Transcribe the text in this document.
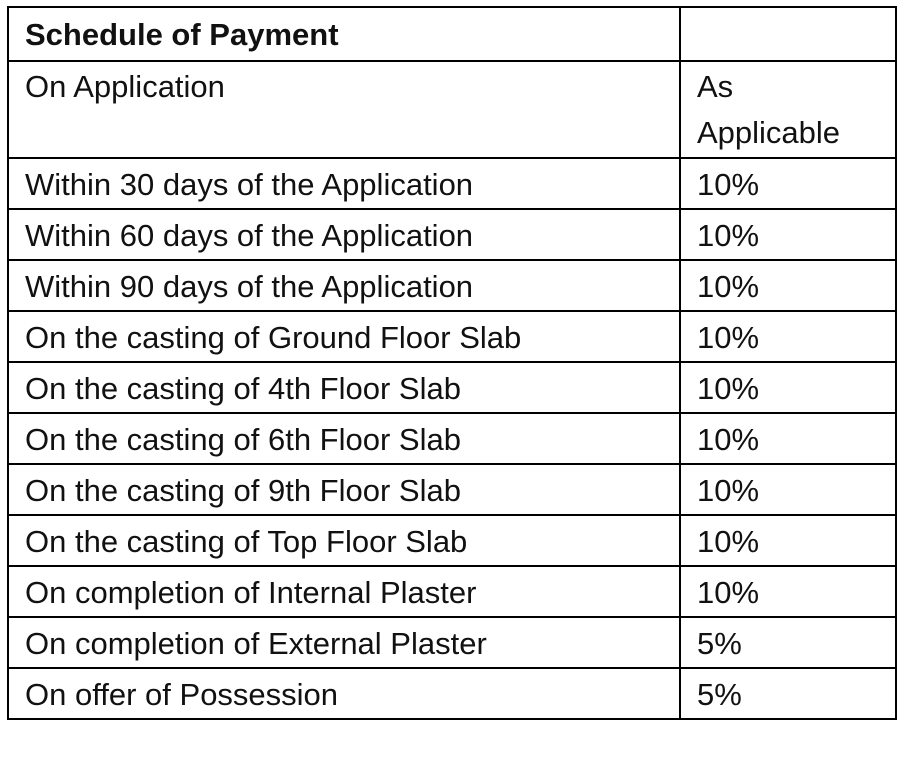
Schedule of Payment	
On Application	As
Applicable

Within 30 days of the Application	10%
Within 60 days of the Application	10%
Within 90 days of the Application	10%
On the casting of Ground Floor Slab	10%
On the casting of 4th Floor Slab	10%
On the casting of 6th Floor Slab	10%
On the casting of 9th Floor Slab	10%
On the casting of Top Floor Slab	10%
On completion of Internal Plaster	10%
On completion of External Plaster	5%
On offer of Possession	5%
